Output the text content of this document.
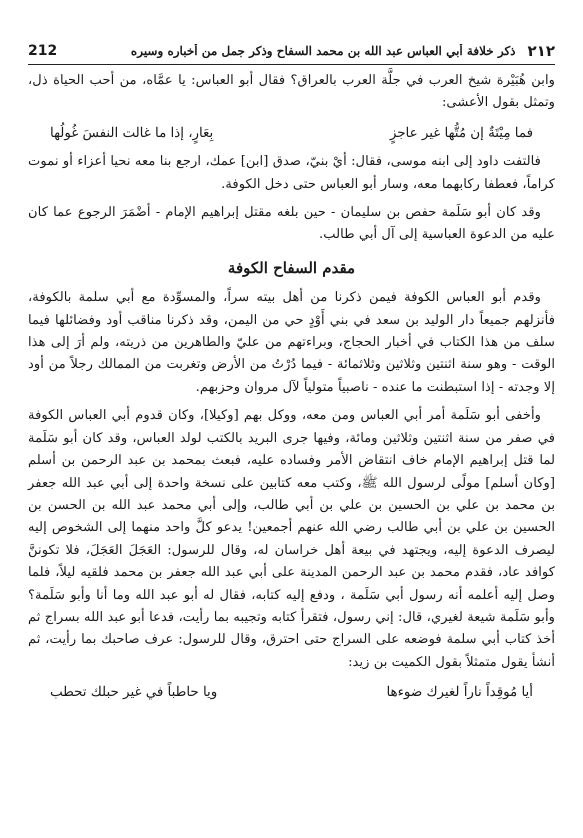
212	ذكر خلافة أبي العباس عبد الله بن محمد السفاح وذكر جمل من أخباره وسيره ٢١٢

وابن هُبَيْرة شيخ العرب في جلَّة العرب بالعراق؟ فقال أبو العباس: يا عمَّاه، من أحب الحياة ذل، وتمثل بقول الأعشى:

فما مِيْتَةٌ إن مُتُّها غير عاجزٍ
بِعَارٍ، إذا ما غالت النفسَ غُولُها

فالتفت داود إلى ابنه موسى، فقال: أيْ بنيّ، صدق [ابن] عمك، ارجع بنا معه نحيا أعزاء أو نموت كراماً، فعطفا ركابهما معه، وسار أبو العباس حتى دخل الكوفة.

وقد كان أبو سَلَمة حفص بن سليمان - حين بلغه مقتل إبراهيم الإمام - أضْمَرَ الرجوع عما كان عليه من الدعوة العباسية إلى آل أبي طالب.

مقدم السفاح الكوفة

وقدم أبو العباس الكوفة فيمن ذكرنا من أهل بيته سراً، والمسوِّدة مع أبي سلمة بالكوفة، فأنزلهم جميعاً دار الوليد بن سعد في بني أَوْدٍ حي من اليمن، وقد ذكرنا مناقب أود وفضائلها فيما سلف من هذا الكتاب في أخبار الحجاج، وبراءتهم من عليّ والطاهرين من ذريته، ولم أرَ إلى هذا الوقت - وهو سنة اثنتين وثلاثين وثلاثمائة - فيما دُرْتُ من الأرض وتغربت من الممالك رجلاً من أود إلا وجدته - إذا استبطنت ما عنده - ناصبياً متولياً لآل مروان وحزبهم.

وأخفى أبو سَلَمة أمر أبي العباس ومن معه، ووكل بهم [وكيلا]، وكان قدوم أبي العباس الكوفة في صفر من سنة اثنتين وثلاثين ومائة، وفيها جرى البريد بالكتب لولد العباس، وقد كان أبو سَلَمة لما قتل إبراهيم الإمام خاف انتقاض الأمر وفساده عليه، فبعث بمحمد بن عبد الرحمن بن أسلم [وكان أسلم] مولًى لرسول الله ﷺ، وكتب معه كتابين على نسخة واحدة إلى أبي عبد الله جعفر بن محمد بن علي بن الحسين بن علي بن أبي طالب، وإلى أبي محمد عبد الله بن الحسن بن الحسين بن علي بن أبي طالب رضي الله عنهم أجمعين! يدعو كلَّ واحد منهما إلى الشخوص إليه ليصرف الدعوة إليه، ويجتهد في بيعة أهل خراسان له، وقال للرسول: العَجَلَ العَجَلَ، فلا تكوننَّ كوافد عاد، فقدم محمد بن عبد الرحمن المدينة على أبي عبد الله جعفر بن محمد فلقيه ليلاً، فلما وصل إليه أعلمه أنه رسول أبي سَلَمة ، ودفع إليه كتابه، فقال له أبو عبد الله وما أنا وأبو سَلَمة؟ وأبو سَلَمة شيعة لغيري، قال: إني رسول، فتقرأ كتابه وتجيبه بما رأيت، فدعا أبو عبد الله بسراج ثم أخذ كتاب أبي سلمة فوضعه على السراج حتى احترق، وقال للرسول: عرف صاحبك بما رأيت، ثم أنشأ يقول متمثلاً بقول الكميت بن زيد:

أيا مُوقِداً ناراً لغيرك ضوءها
ويا حاطباً في غير حبلك تحطب
